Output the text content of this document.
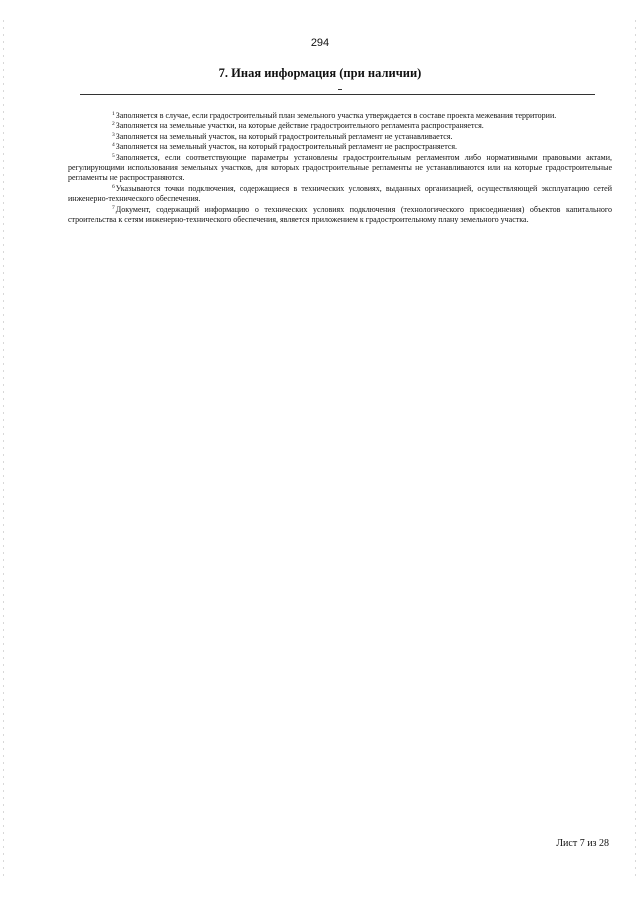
294
7. Иная информация (при наличии)

$^1$Заполняется в случае, если градостроительный план земельного участка утверждается в составе проекта межевания территории.

$^2$Заполняется на земельные участки, на которые действие градостроительного регламента распространяется.

$^3$Заполняется на земельный участок, на который градостроительный регламент не устанавливается.

$^4$Заполняется на земельный участок, на который градостроительный регламент не распространяется.

$^5$Заполняется, если соответствующие параметры установлены градостроительным регламентом либо нормативными правовыми актами, регулирующими использования земельных участков, для которых градостроительные регламенты не устанавливаются или на которые градостроительные регламенты не распространяются.

$^6$Указываются точки подключения, содержащиеся в технических условиях, выданных организацией, осуществляющей эксплуатацию сетей инженерно-технического обеспечения.

$^7$Документ, содержащий информацию о технических условиях подключения (технологического присоединения) объектов капитального строительства к сетям инженерно-технического обеспечения, является приложением к градостроительному плану земельного участка.

Лист 7 из 28
